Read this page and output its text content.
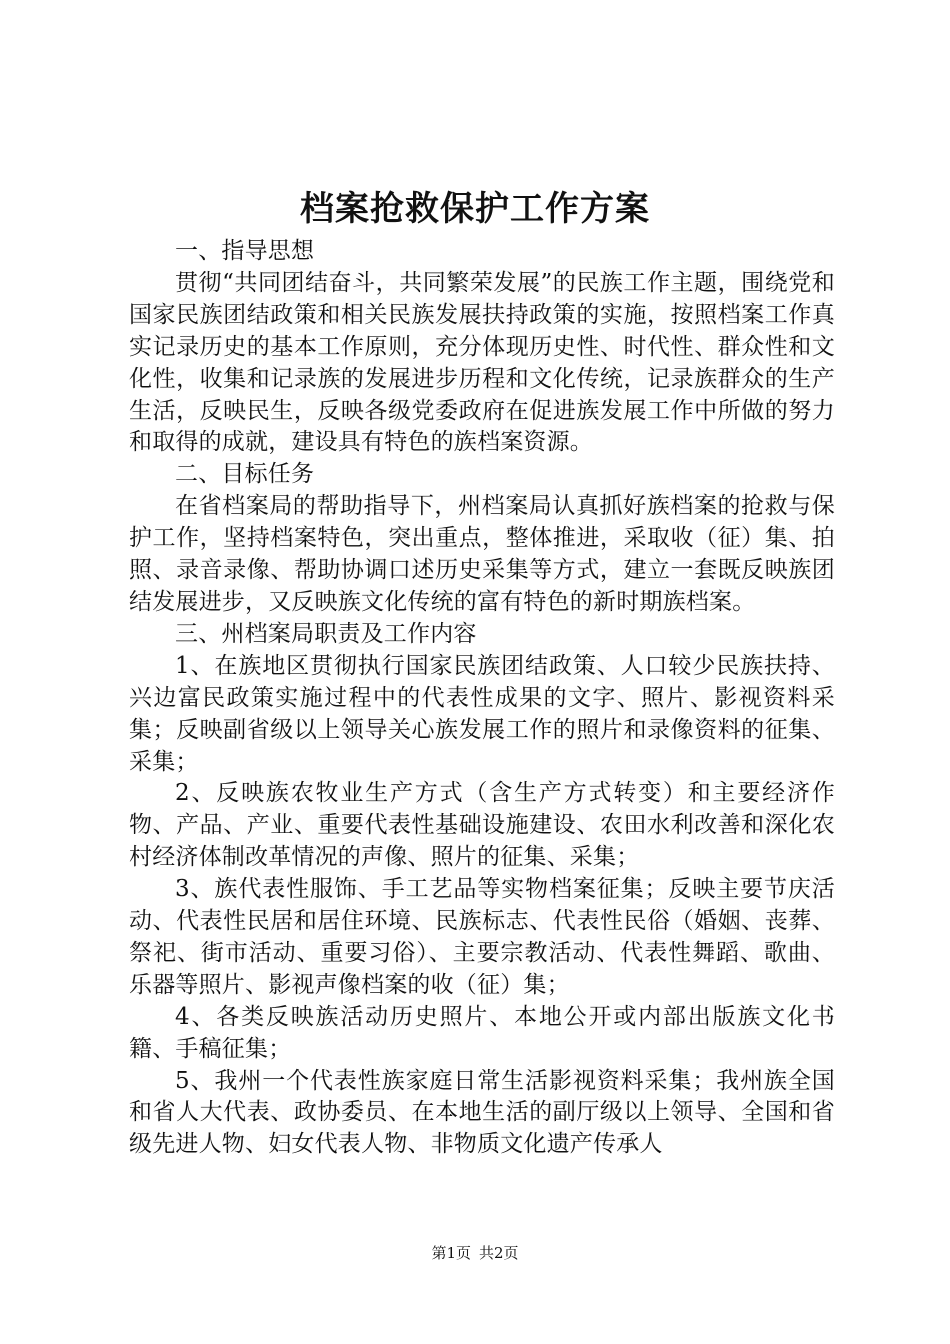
档案抢救保护工作方案

一、指导思想

贯彻“共同团结奋斗，共同繁荣发展”的民族工作主题，围绕党和国家民族团结政策和相关民族发展扶持政策的实施，按照档案工作真实记录历史的基本工作原则，充分体现历史性、时代性、群众性和文化性，收集和记录族的发展进步历程和文化传统，记录族群众的生产生活，反映民生，反映各级党委政府在促进族发展工作中所做的努力和取得的成就，建设具有特色的族档案资源。

二、目标任务

在省档案局的帮助指导下，州档案局认真抓好族档案的抢救与保护工作，坚持档案特色，突出重点，整体推进，采取收（征）集、拍照、录音录像、帮助协调口述历史采集等方式，建立一套既反映族团结发展进步，又反映族文化传统的富有特色的新时期族档案。

三、州档案局职责及工作内容

1、在族地区贯彻执行国家民族团结政策、人口较少民族扶持、兴边富民政策实施过程中的代表性成果的文字、照片、影视资料采集；反映副省级以上领导关心族发展工作的照片和录像资料的征集、采集；

2、反映族农牧业生产方式（含生产方式转变）和主要经济作物、产品、产业、重要代表性基础设施建设、农田水利改善和深化农村经济体制改革情况的声像、照片的征集、采集；

3、族代表性服饰、手工艺品等实物档案征集；反映主要节庆活动、代表性民居和居住环境、民族标志、代表性民俗（婚姻、丧葬、祭祀、街市活动、重要习俗）、主要宗教活动、代表性舞蹈、歌曲、乐器等照片、影视声像档案的收（征）集；

4、各类反映族活动历史照片、本地公开或内部出版族文化书籍、手稿征集；

5、我州一个代表性族家庭日常生活影视资料采集；我州族全国和省人大代表、政协委员、在本地生活的副厅级以上领导、全国和省级先进人物、妇女代表人物、非物质文化遗产传承人

第1页 共2页
